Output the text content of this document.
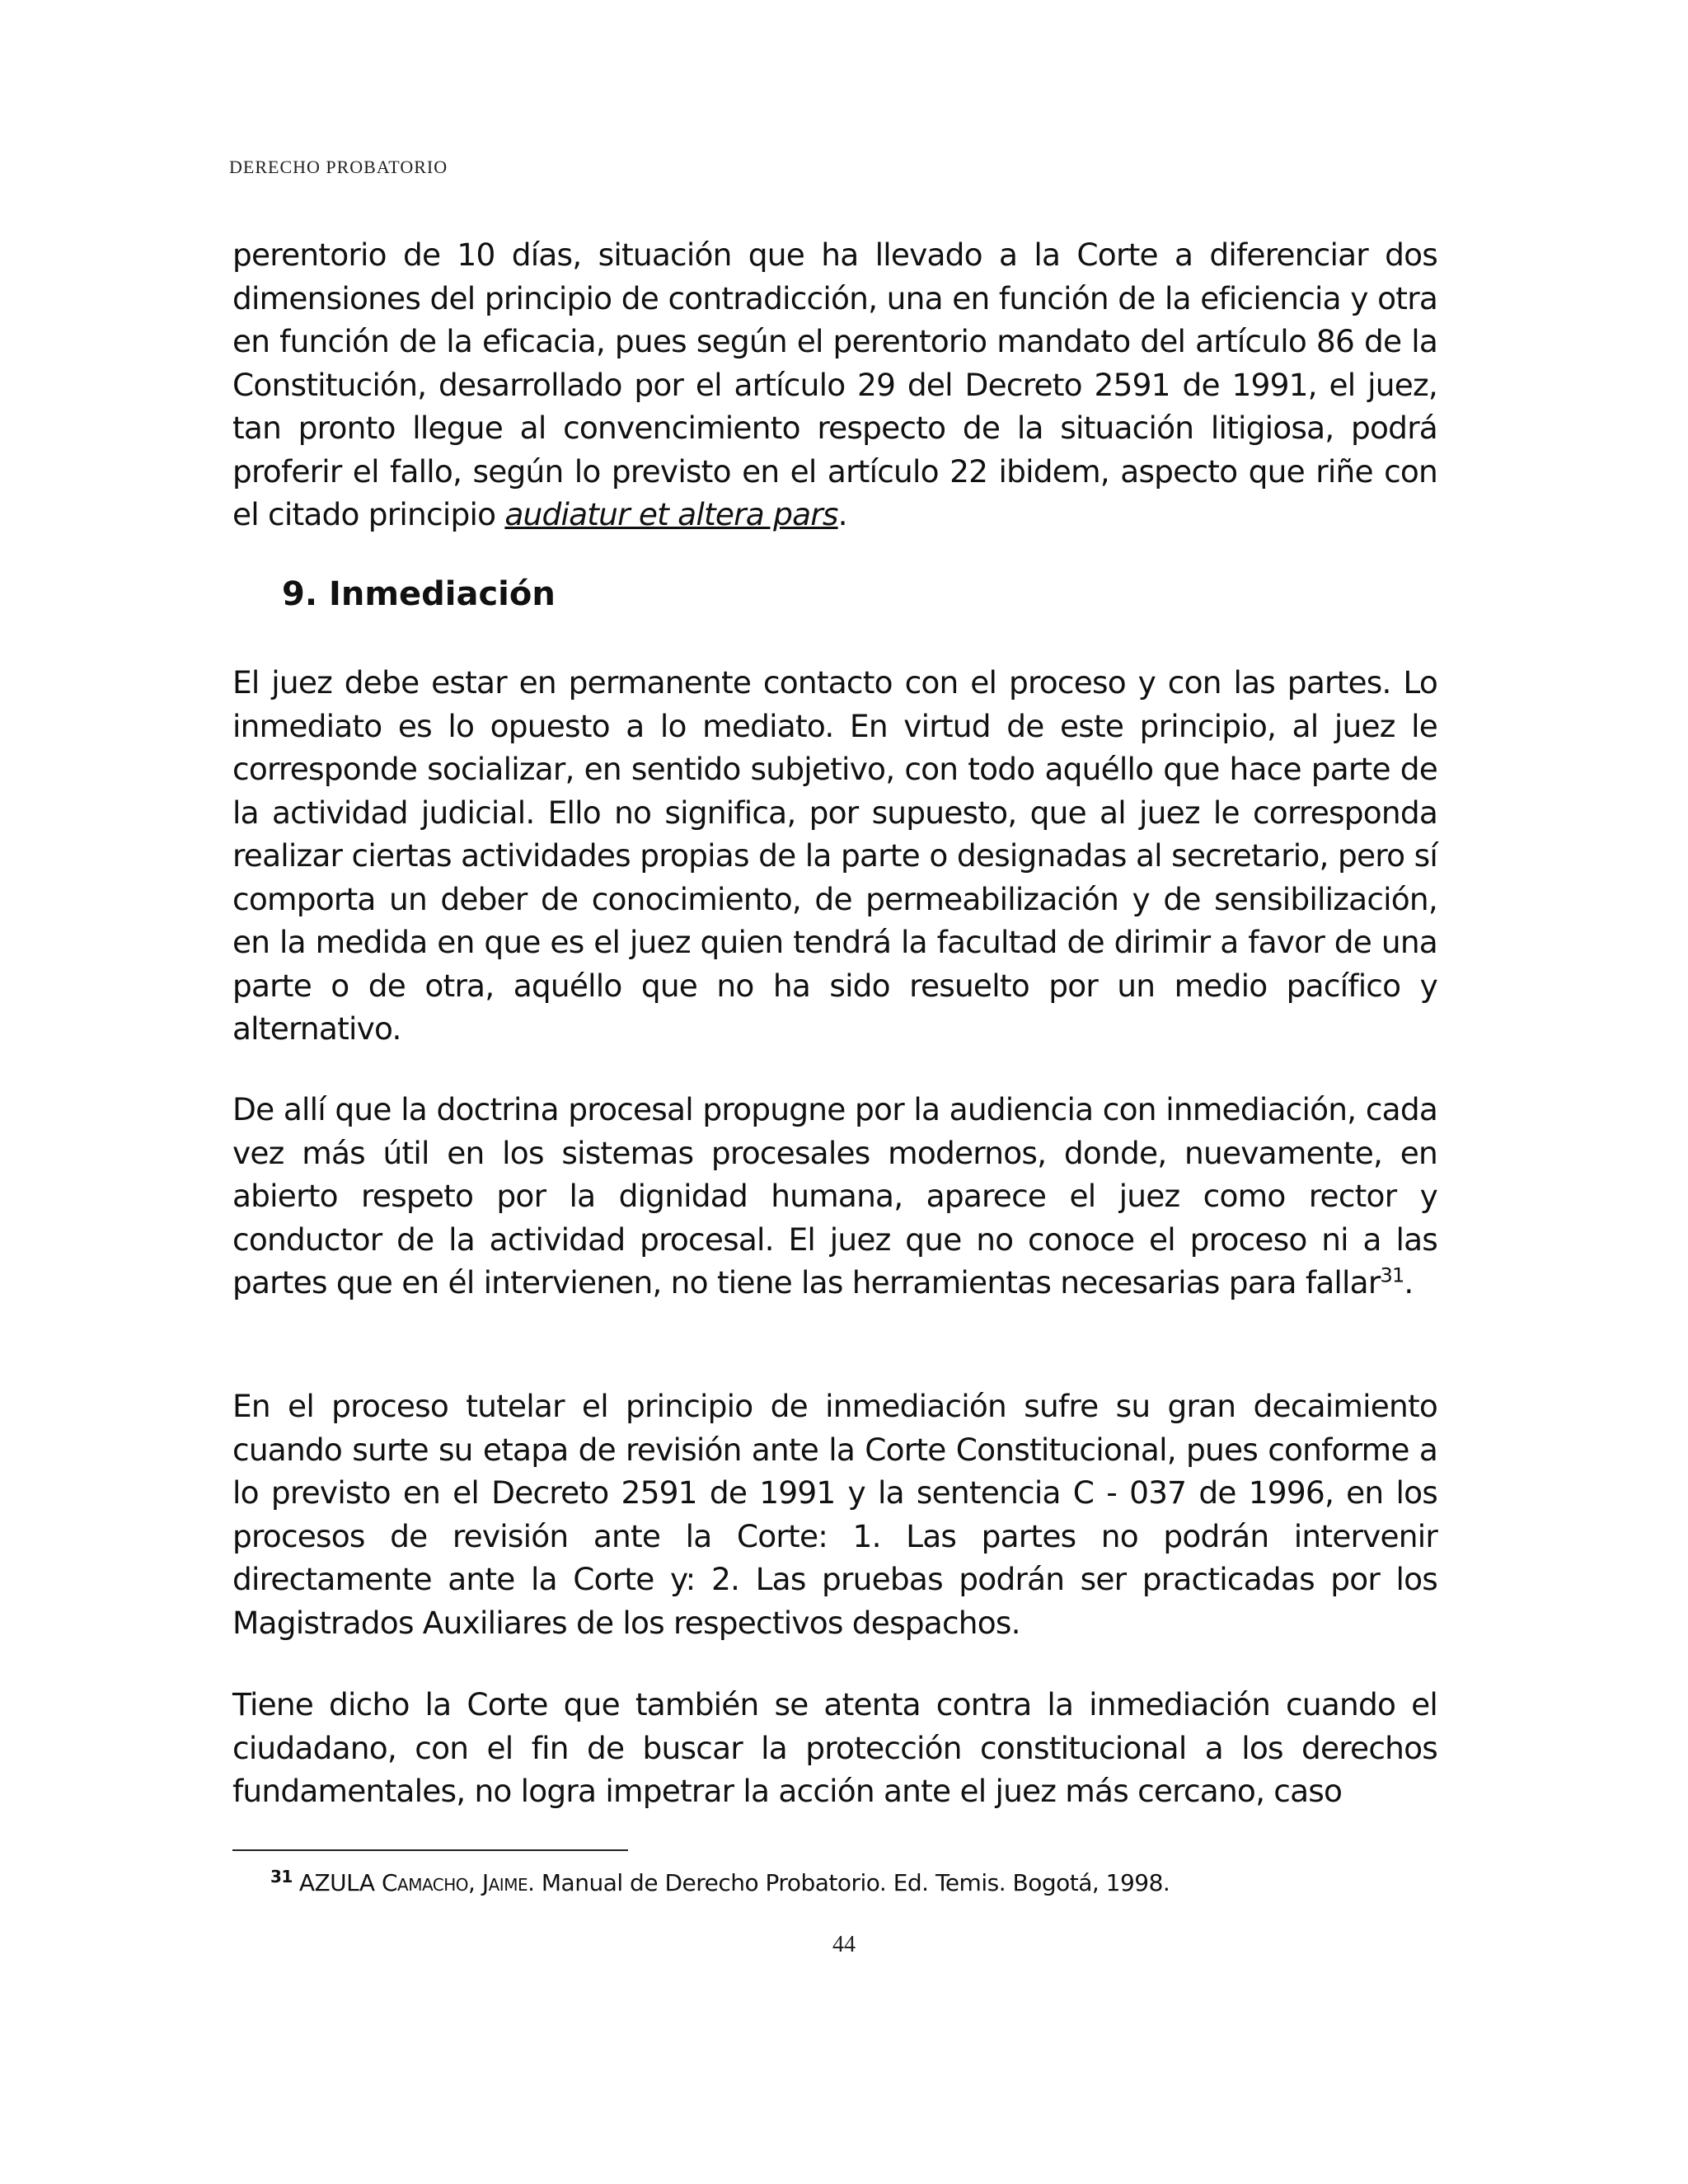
DERECHO PROBATORIO

perentorio de 10 días, situación que ha llevado a la Corte a diferenciar dos dimensiones del principio de contradicción, una en función de la eficiencia y otra en función de la eficacia, pues según el perentorio mandato del artículo 86 de la Constitución, desarrollado por el artículo 29 del Decreto 2591 de 1991, el juez, tan pronto llegue al convencimiento respecto de la situación litigiosa, podrá proferir el fallo, según lo previsto en el artículo 22 ibidem, aspecto que riñe con el citado principio audiatur et altera pars.

9. Inmediación

El juez debe estar en permanente contacto con el proceso y con las partes. Lo inmediato es lo opuesto a lo mediato. En virtud de este principio, al juez le corresponde socializar, en sentido subjetivo, con todo aquéllo que hace parte de la actividad judicial. Ello no significa, por supuesto, que al juez le corresponda realizar ciertas actividades propias de la parte o designadas al secretario, pero sí comporta un deber de conocimiento, de permeabilización y de sensibilización, en la medida en que es el juez quien tendrá la facultad de dirimir a favor de una parte o de otra, aquéllo que no ha sido resuelto por un medio pacífico y alternativo.

De allí que la doctrina procesal propugne por la audiencia con inmediación, cada vez más útil en los sistemas procesales modernos, donde, nuevamente, en abierto respeto por la dignidad humana, aparece el juez como rector y conductor de la actividad procesal. El juez que no conoce el proceso ni a las partes que en él intervienen, no tiene las herramientas necesarias para fallar$^{31}$.

En el proceso tutelar el principio de inmediación sufre su gran decaimiento cuando surte su etapa de revisión ante la Corte Constitucional, pues conforme a lo previsto en el Decreto 2591 de 1991 y la sentencia C - 037 de 1996, en los procesos de revisión ante la Corte: 1. Las partes no podrán intervenir directamente ante la Corte y: 2. Las pruebas podrán ser practicadas por los Magistrados Auxiliares de los respectivos despachos.

Tiene dicho la Corte que también se atenta contra la inmediación cuando el ciudadano, con el fin de buscar la protección constitucional a los derechos fundamentales, no logra impetrar la acción ante el juez más cercano, caso

$^{31}$ AZULA Camacho, Jaime. Manual de Derecho Probatorio. Ed. Temis. Bogotá, 1998.
44
